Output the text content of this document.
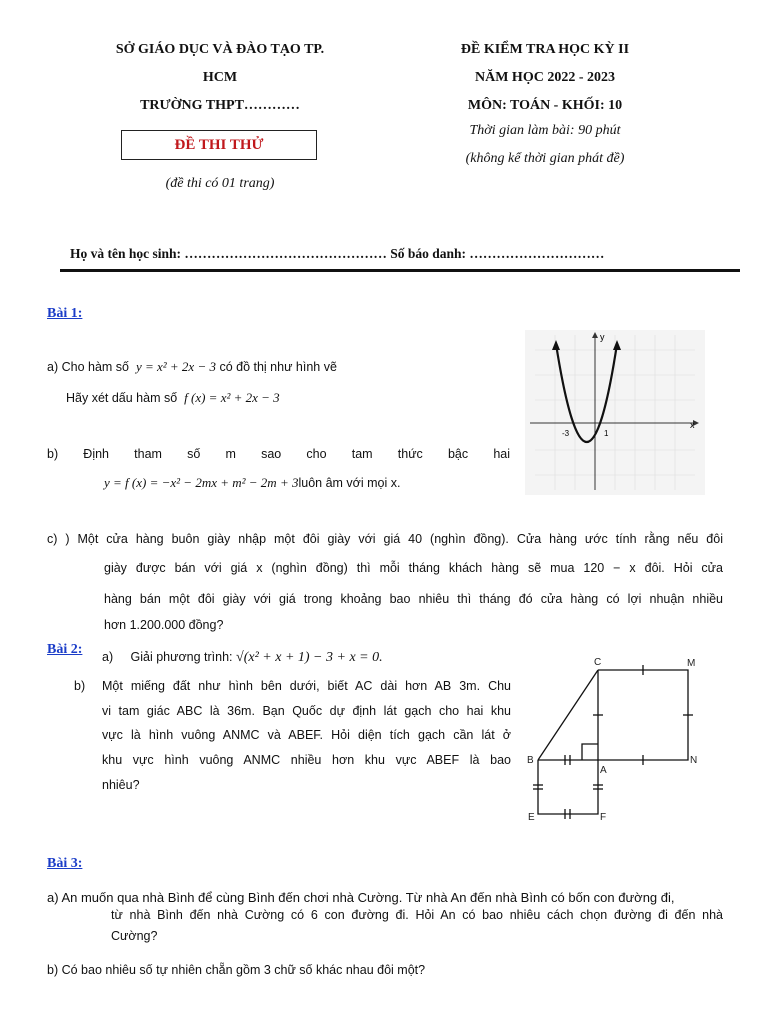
SỞ GIÁO DỤC VÀ ĐÀO TẠO TP.
HCM
TRƯỜNG THPT…………
ĐỀ THI THỬ
(đề thi có 01 trang)
ĐỀ KIỂM TRA HỌC KỲ II
NĂM HỌC 2022 - 2023
MÔN: TOÁN - KHỐI: 10
Thời gian làm bài: 90 phút
(không kể thời gian phát đề)
Họ và tên học sinh: ……………………………………… Số báo danh: …………………………
Bài 1:
a) Cho hàm số y = x² + 2x − 3 có đồ thị như hình vẽ
Hãy xét dấu hàm số f (x) = x² + 2x − 3
b) Định tham số m sao cho tam thức bậc hai
y = f (x) = −x² − 2mx + m² − 2m + 3luôn âm với mọi x.
y
x
-3	1
c) ) Một cửa hàng buôn giày nhập một đôi giày với giá 40 (nghìn đồng). Cửa hàng ước tính rằng nếu đôi
giày được bán với giá x (nghìn đồng) thì mỗi tháng khách hàng sẽ mua 120 − x đôi. Hỏi cửa
hàng bán một đôi giày với giá trong khoảng bao nhiêu thì tháng đó cửa hàng có lợi nhuận nhiều
hơn 1.200.000 đồng?
Bài 2: a) Giải phương trình: √(x² + x + 1) − 3 + x = 0.
b) Một miếng đất như hình bên dưới, biết AC dài hơn AB 3m. Chu
vi tam giác ABC là 36m. Bạn Quốc dự định lát gạch cho hai khu
vực là hình vuông ANMC và ABEF. Hỏi diện tích gạch cần lát ở
khu vực hình vuông ANMC nhiều hơn khu vực ABEF là bao
nhiêu?
C	M
B
A
N
E	F
Bài 3:
a) An muốn qua nhà Bình để cùng Bình đến chơi nhà Cường. Từ nhà An đến nhà Bình có bốn con đường đi,
từ nhà Bình đến nhà Cường có 6 con đường đi. Hỏi An có bao nhiêu cách chọn đường đi đến nhà
Cường?
b) Có bao nhiêu số tự nhiên chẵn gồm 3 chữ số khác nhau đôi một?
